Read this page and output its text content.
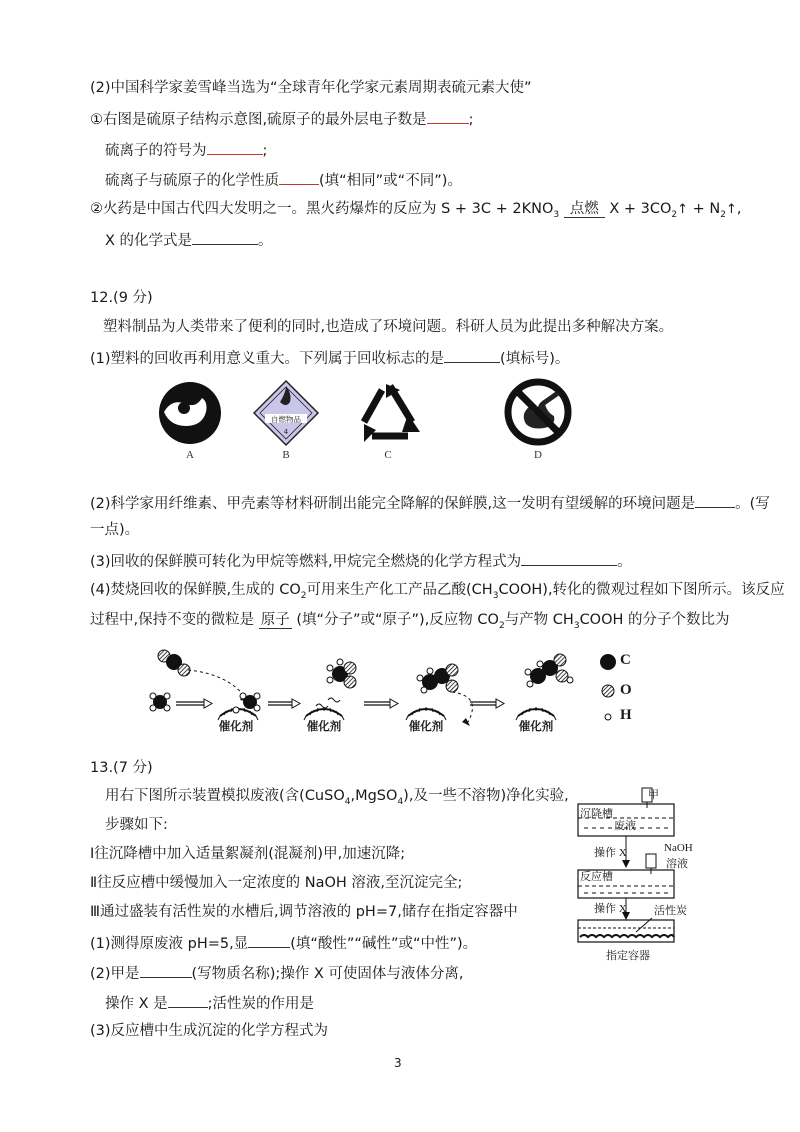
(2)中国科学家姜雪峰当选为“全球青年化学家元素周期表硫元素大使”
①右图是硫原子结构示意图,硫原子的最外层电子数是	;
硫离子的符号为	;
硫离子与硫原子的化学性质	(填“相同”或“不同”)。
②火药是中国古代四大发明之一。黑火药爆炸的反应为 $S + 3C + 2KNO_3$ 点燃 $X + 3CO_2↑$ + $N_2↑$,
X 的化学式是	。
12.(9 分)
塑料制品为人类带来了便利的同时,也造成了环境问题。科研人员为此提出多种解决方案。
(1)塑料的回收再利用意义重大。下列属于回收标志的是	(填标号)。
自燃物品
4
A	B	C	D
(2)科学家用纤维素、甲壳素等材料研制出能完全降解的保鲜膜,这一发明有望缓解的环境问题是	。(写
一点)。
(3)回收的保鲜膜可转化为甲烷等燃料,甲烷完全燃烧的化学方程式为	。
(4)焚烧回收的保鲜膜,生成的 $CO_2$可用来生产化工产品乙酸$(CH_3COOH)$,转化的微观过程如下图所示。该反应
过程中,保持不变的微粒是 原子 (填“分子”或“原子”),反应物 $CO_2$与产物 $CH_3COOH$ 的分子个数比为
催化剂	催化剂	催化剂	催化剂
C
O
H
13.(7 分)
用右下图所示装置模拟废液(含(CuSO$_4$,MgSO$_4$),及一些不溶物)净化实验,
步骤如下:
Ⅰ往沉降槽中加入适量絮凝剂(混凝剂)甲,加速沉降;
Ⅱ往反应槽中缓慢加入一定浓度的 NaOH 溶液,至沉淀完全;
Ⅲ通过盛装有活性炭的水槽后,调节溶液的 pH=7,储存在指定容器中
(1)测得原废液 pH=5,显	(填“酸性”“碱性”或“中性”)。
(2)甲是	(写物质名称);操作 X 可使固体与液体分离,
操作 X 是	;活性炭的作用是
(3)反应槽中生成沉淀的化学方程式为
甲
沉降槽
废液
操作 X	NaOH
溶液
反应槽
操作 X 活性炭
指定容器
3
